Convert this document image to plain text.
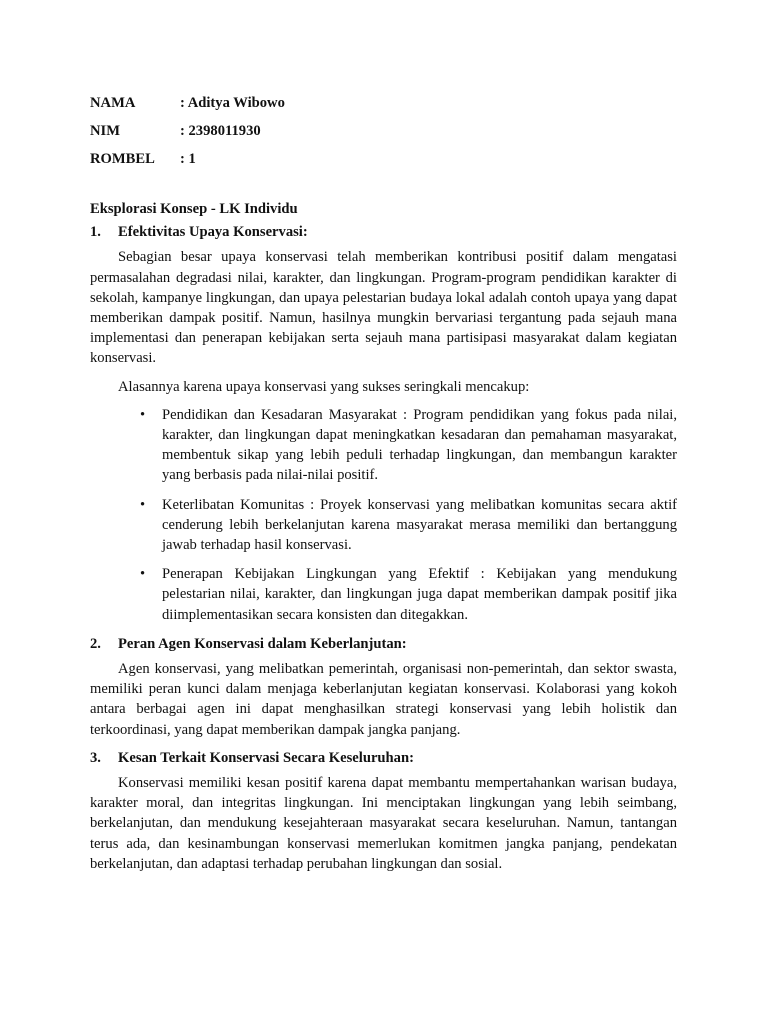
NAMA	: Aditya Wibowo
NIM	: 2398011930
ROMBEL	: 1
Eksplorasi Konsep - LK Individu
1.	Efektivitas Upaya Konservasi:

Sebagian besar upaya konservasi telah memberikan kontribusi positif dalam mengatasi permasalahan degradasi nilai, karakter, dan lingkungan. Program-program pendidikan karakter di sekolah, kampanye lingkungan, dan upaya pelestarian budaya lokal adalah contoh upaya yang dapat memberikan dampak positif. Namun, hasilnya mungkin bervariasi tergantung pada sejauh mana implementasi dan penerapan kebijakan serta sejauh mana partisipasi masyarakat dalam kegiatan konservasi.

Alasannya karena upaya konservasi yang sukses seringkali mencakup:

• Pendidikan dan Kesadaran Masyarakat : Program pendidikan yang fokus pada nilai, karakter, dan lingkungan dapat meningkatkan kesadaran dan pemahaman masyarakat, membentuk sikap yang lebih peduli terhadap lingkungan, dan membangun karakter yang berbasis pada nilai-nilai positif.
• Keterlibatan Komunitas : Proyek konservasi yang melibatkan komunitas secara aktif cenderung lebih berkelanjutan karena masyarakat merasa memiliki dan bertanggung jawab terhadap hasil konservasi.
• Penerapan Kebijakan Lingkungan yang Efektif : Kebijakan yang mendukung pelestarian nilai, karakter, dan lingkungan juga dapat memberikan dampak positif jika diimplementasikan secara konsisten dan ditegakkan.
2.	Peran Agen Konservasi dalam Keberlanjutan:

Agen konservasi, yang melibatkan pemerintah, organisasi non-pemerintah, dan sektor swasta, memiliki peran kunci dalam menjaga keberlanjutan kegiatan konservasi. Kolaborasi yang kokoh antara berbagai agen ini dapat menghasilkan strategi konservasi yang lebih holistik dan terkoordinasi, yang dapat memberikan dampak jangka panjang.

3.	Kesan Terkait Konservasi Secara Keseluruhan:

Konservasi memiliki kesan positif karena dapat membantu mempertahankan warisan budaya, karakter moral, dan integritas lingkungan. Ini menciptakan lingkungan yang lebih seimbang, berkelanjutan, dan mendukung kesejahteraan masyarakat secara keseluruhan. Namun, tantangan terus ada, dan kesinambungan konservasi memerlukan komitmen jangka panjang, pendekatan berkelanjutan, dan adaptasi terhadap perubahan lingkungan dan sosial.
